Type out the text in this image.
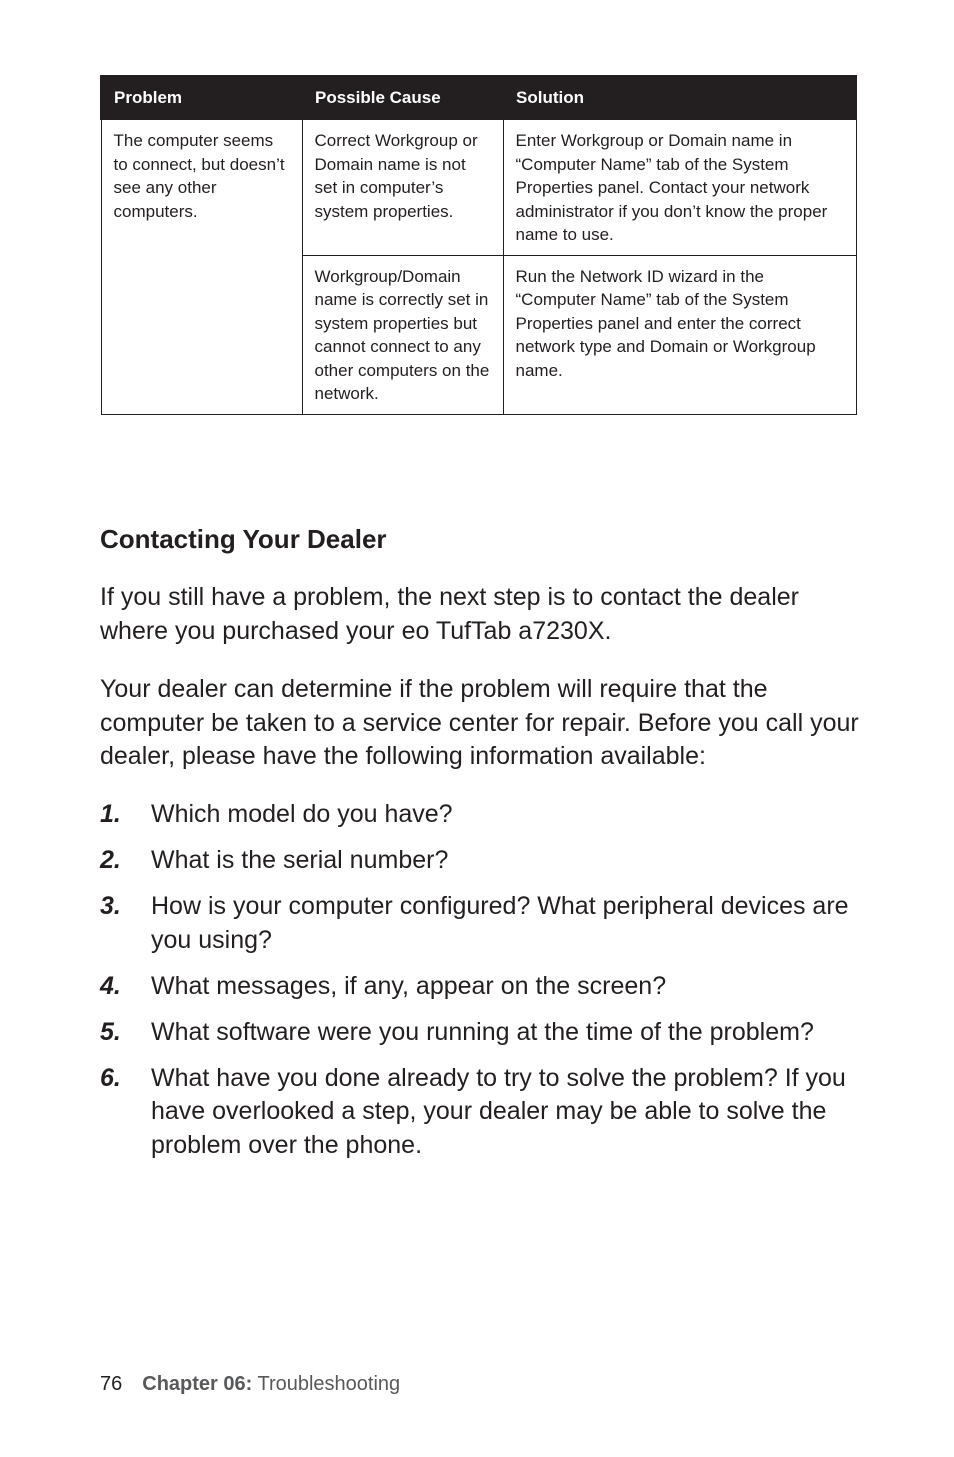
Problem	Possible Cause	Solution
The computer seems to connect, but doesn’t see any other computers.	Correct Workgroup or Domain name is not set in computer’s system properties.	Enter Workgroup or Domain name in “Computer Name” tab of the System Properties panel. Contact your network administrator if you don’t know the proper name to use.
	Workgroup/Domain name is correctly set in system properties but cannot connect to any other computers on the network.	Run the Network ID wizard in the “Computer Name” tab of the System Properties panel and enter the correct network type and Domain or Workgroup name.
Contacting Your Dealer

If you still have a problem, the next step is to contact the dealer where you purchased your eo TufTab a7230X.

Your dealer can determine if the problem will require that the computer be taken to a service center for repair. Before you call your dealer, please have the following information available:

1. Which model do you have?
2. What is the serial number?
3. How is your computer configured? What peripheral devices are you using?
4. What messages, if any, appear on the screen?
5. What software were you running at the time of the problem?
6. What have you done already to try to solve the problem? If you have overlooked a step, your dealer may be able to solve the problem over the phone.
76 Chapter 06: Troubleshooting
